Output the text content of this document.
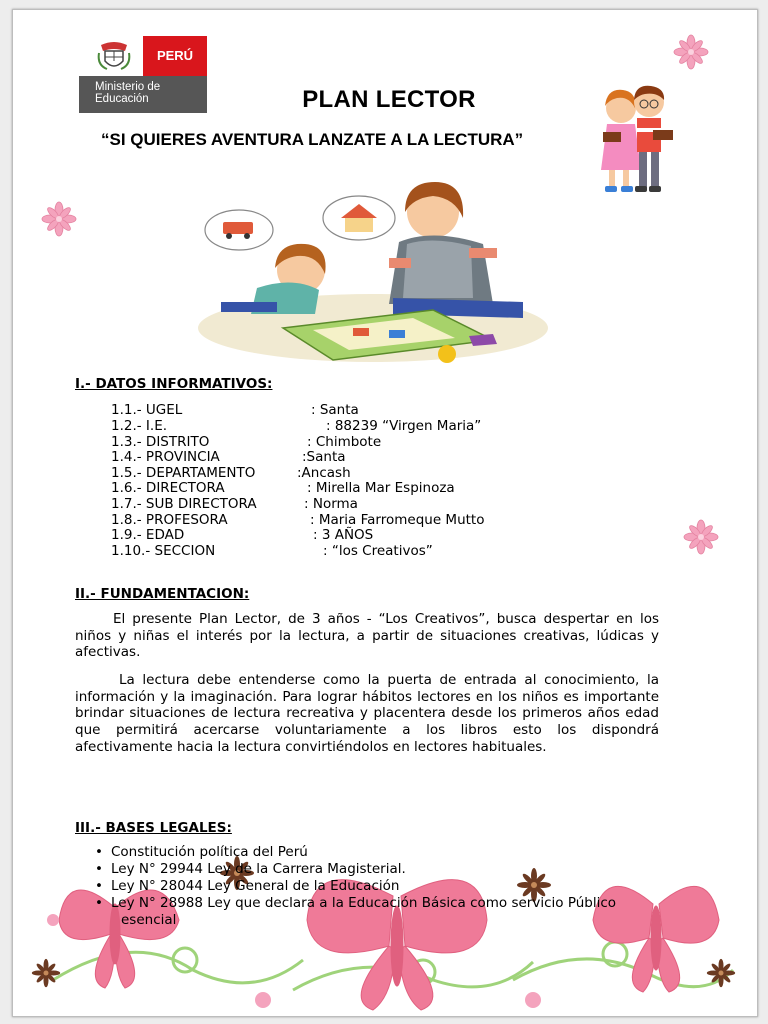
PERÚ
Ministerio de
Educación	PLAN LECTOR
“SI QUIERES AVENTURA LANZATE A LA LECTURA”
I.- DATOS INFORMATIVOS:
1.1.- UGEL	: Santa
1.2.- I.E.	: 88239 “Virgen Maria”
1.3.- DISTRITO	: Chimbote
1.4.- PROVINCIA	:Santa
1.5.- DEPARTAMENTO	:Ancash
1.6.- DIRECTORA	: Mirella Mar Espinoza
1.7.- SUB DIRECTORA	: Norma
1.8.- PROFESORA	: Maria Farromeque Mutto
1.9.- EDAD	: 3 AÑOS
1.10.- SECCION	: “los Creativos”
II.- FUNDAMENTACION:
El presente Plan Lector, de 3 años - “Los Creativos”, busca despertar en los niños y niñas el interés por la lectura, a partir de situaciones creativas, lúdicas y afectivas.
La lectura debe entenderse como la puerta de entrada al conocimiento, la información y la imaginación. Para lograr hábitos lectores en los niños es importante brindar situaciones de lectura recreativa y placentera desde los primeros años edad que permitirá acercarse voluntariamente a los libros esto los dispondrá afectivamente hacia la lectura convirtiéndolos en lectores habituales.
III.- BASES LEGALES:
• Constitución política del Perú
• Ley N° 29944 Ley de la Carrera Magisterial.
• Ley N° 28044 Ley General de la Educación
• Ley N° 28988 Ley que declara a la Educación Básica como servicio Público
esencial
